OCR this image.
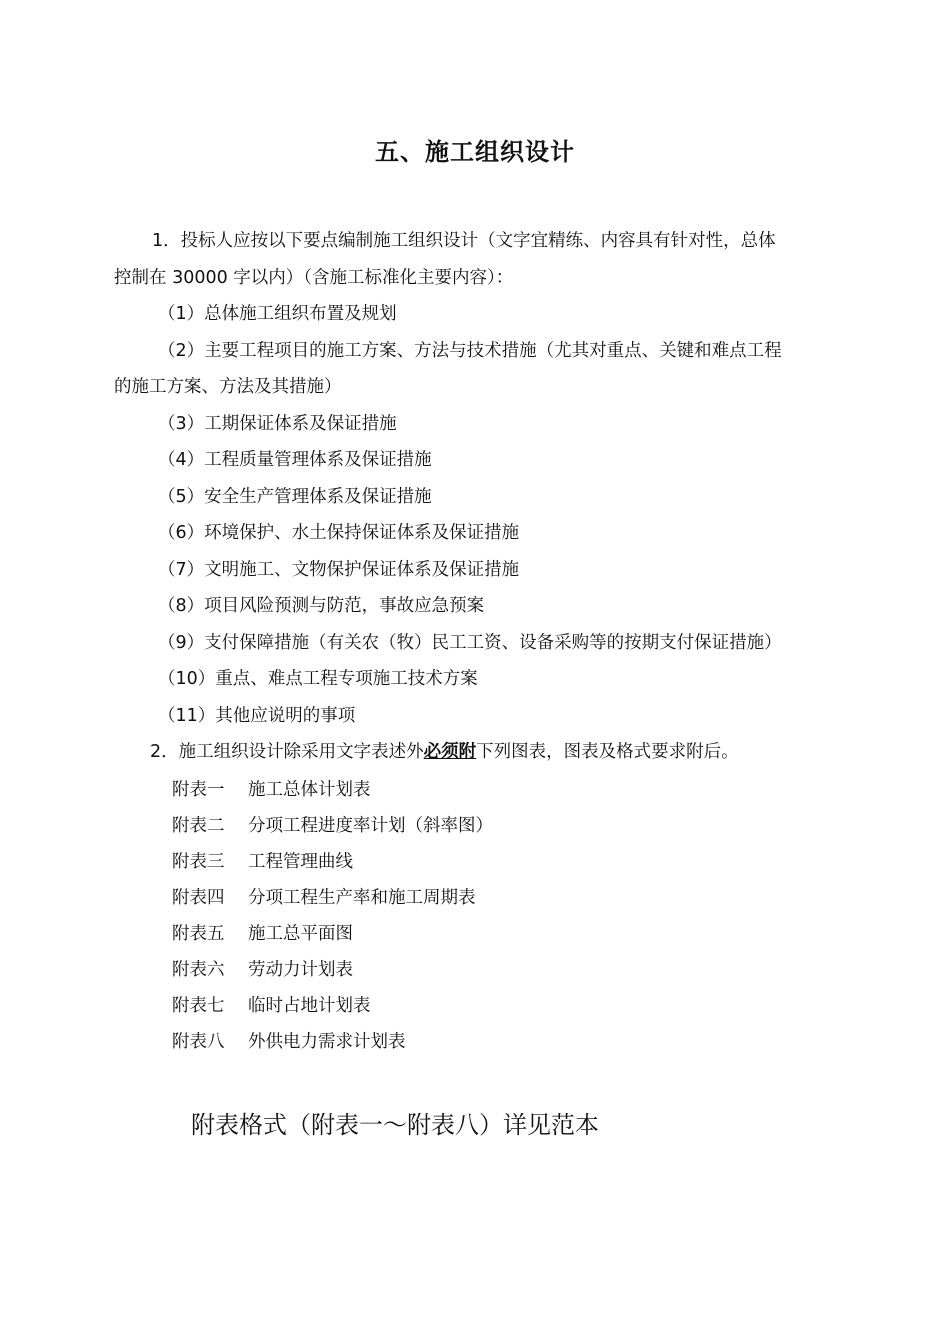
五、施工组织设计
1．投标人应按以下要点编制施工组织设计（文字宜精练、内容具有针对性，总体
控制在 30000 字以内）（含施工标准化主要内容）：
（1）总体施工组织布置及规划
（2）主要工程项目的施工方案、方法与技术措施（尤其对重点、关键和难点工程
的施工方案、方法及其措施）
（3）工期保证体系及保证措施
（4）工程质量管理体系及保证措施
（5）安全生产管理体系及保证措施
（6）环境保护、水土保持保证体系及保证措施
（7）文明施工、文物保护保证体系及保证措施
（8）项目风险预测与防范，事故应急预案
（9）支付保障措施（有关农（牧）民工工资、设备采购等的按期支付保证措施）
（10）重点、难点工程专项施工技术方案
（11）其他应说明的事项
2．施工组织设计除采用文字表述外必须附下列图表，图表及格式要求附后。
附表一 施工总体计划表
附表二 分项工程进度率计划（斜率图）
附表三 工程管理曲线
附表四 分项工程生产率和施工周期表
附表五 施工总平面图
附表六 劳动力计划表
附表七 临时占地计划表
附表八 外供电力需求计划表
附表格式（附表一～附表八）详见范本
